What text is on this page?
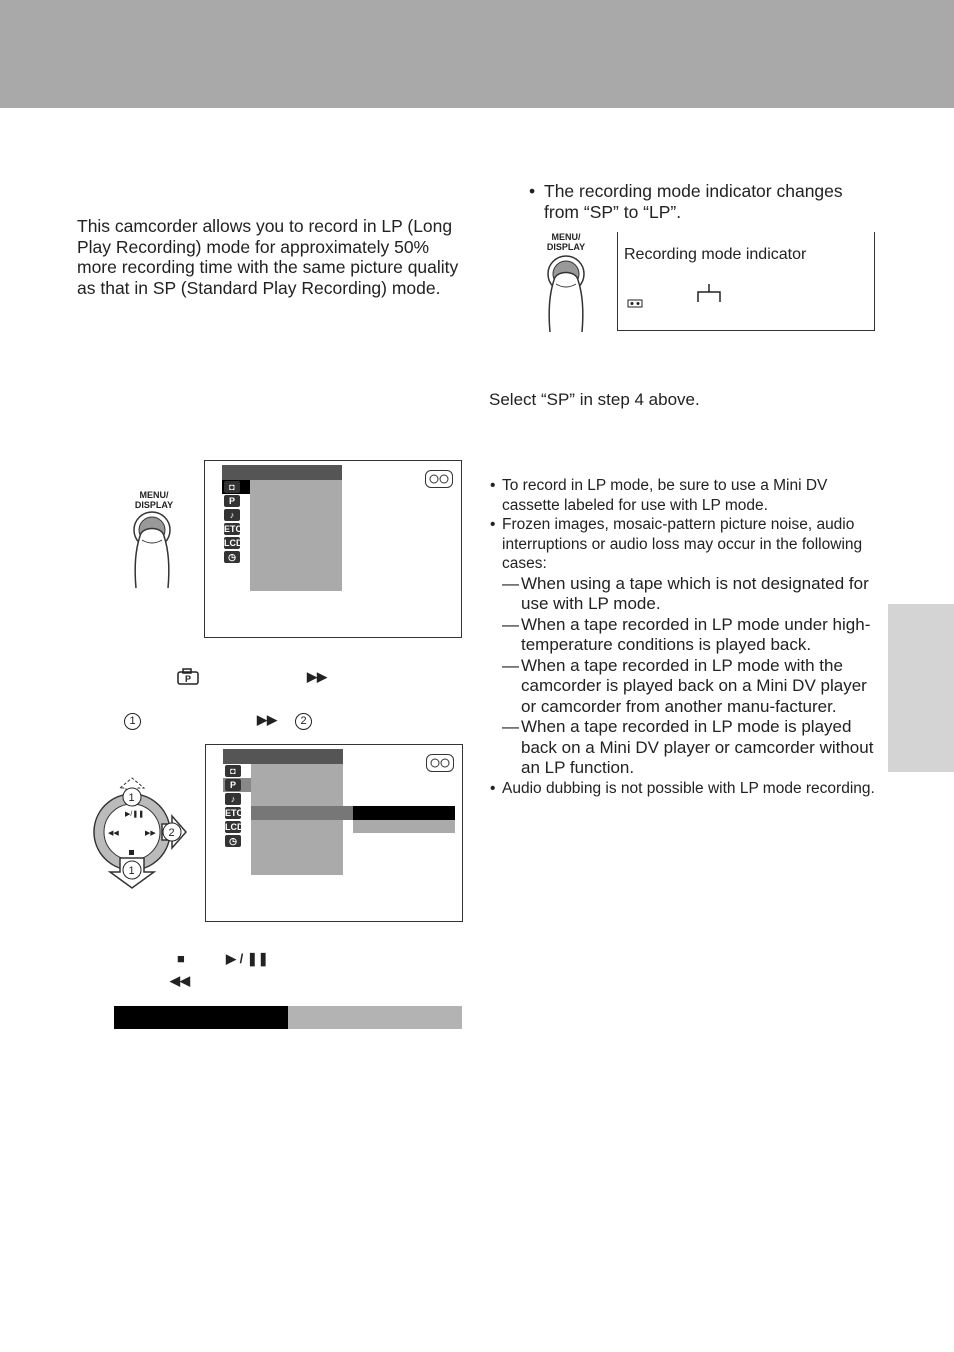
This camcorder allows you to record in LP (Long Play Recording) mode for approximately 50% more recording time with the same picture quality as that in SP (Standard Play Recording) mode.
• The recording mode indicator changes from “SP” to “LP”.
MENU/
DISPLAY	Recording mode indicator
Select “SP” in step 4 above.
• To record in LP mode, be sure to use a Mini DV cassette labeled for use with LP mode.
• Frozen images, mosaic-pattern picture noise, audio interruptions or audio loss may occur in the following cases:
— When using a tape which is not designated for use with LP mode.
— When a tape recorded in LP mode under high-temperature conditions is played back.
— When a tape recorded in LP mode with the camcorder is played back on a Mini DV player or camcorder from another manu-facturer.
— When a tape recorded in LP mode is played back on a Mini DV player or camcorder without an LP function.
• Audio dubbing is not possible with LP mode recording.
MENU/
DISPLAY
◘
P
♪
ETC
LCD
◷
P	▶▶
1	▶▶	2
1
2
1
▶/❚❚
◀◀	▶▶
◘
P
♪
ETC
LCD
◷
■	▶ / ❚❚
◀◀
